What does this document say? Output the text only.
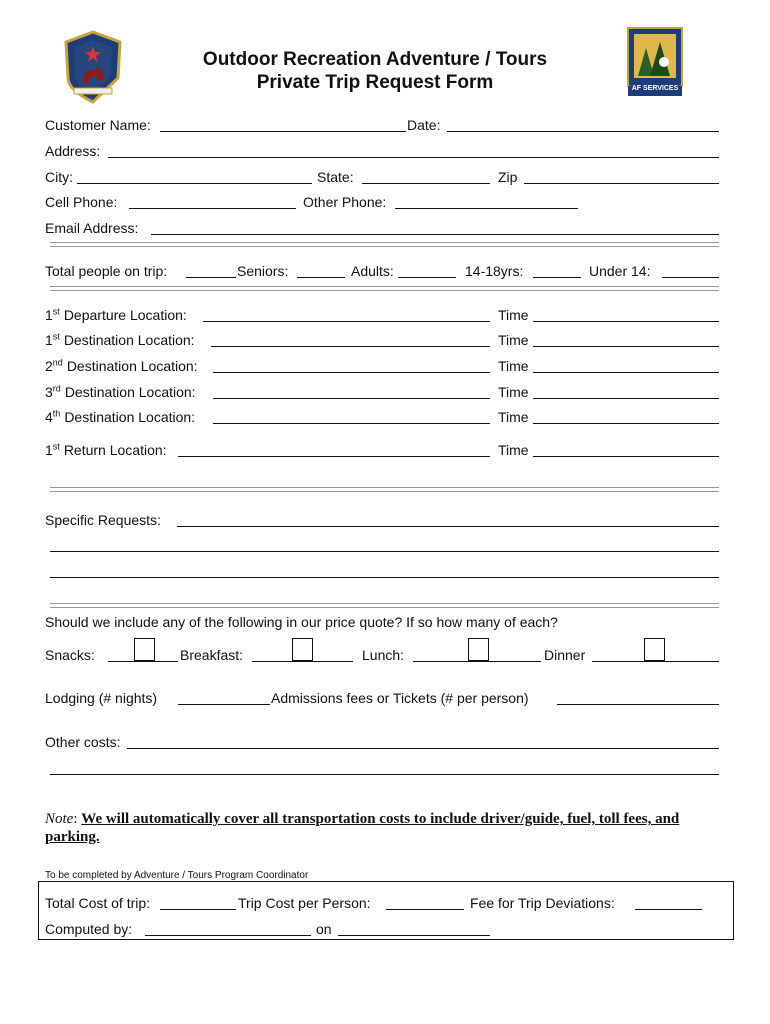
AF SERVICES
Outdoor Recreation Adventure / Tours
Private Trip Request Form
Customer Name:	Date:
Address:
City:	State:	Zip
Cell Phone:	Other Phone:
Email Address:
Total people on trip:	Seniors:	Adults:	14-18yrs:	Under 14:
1st Departure Location:	Time
1st Destination Location:	Time
2nd Destination Location:	Time
3rd Destination Location:	Time
4th Destination Location:	Time
1st Return Location:	Time
Specific Requests:
Should we include any of the following in our price quote? If so how many of each?
Snacks:	Breakfast:	Lunch:	Dinner
Lodging (# nights)	Admissions fees or Tickets (# per person)
Other costs:
Note: We will automatically cover all transportation costs to include driver/guide, fuel, toll fees, and parking.
To be completed by Adventure / Tours Program Coordinator
Total Cost of trip:	Trip Cost per Person:	Fee for Trip Deviations:
Computed by:	on
